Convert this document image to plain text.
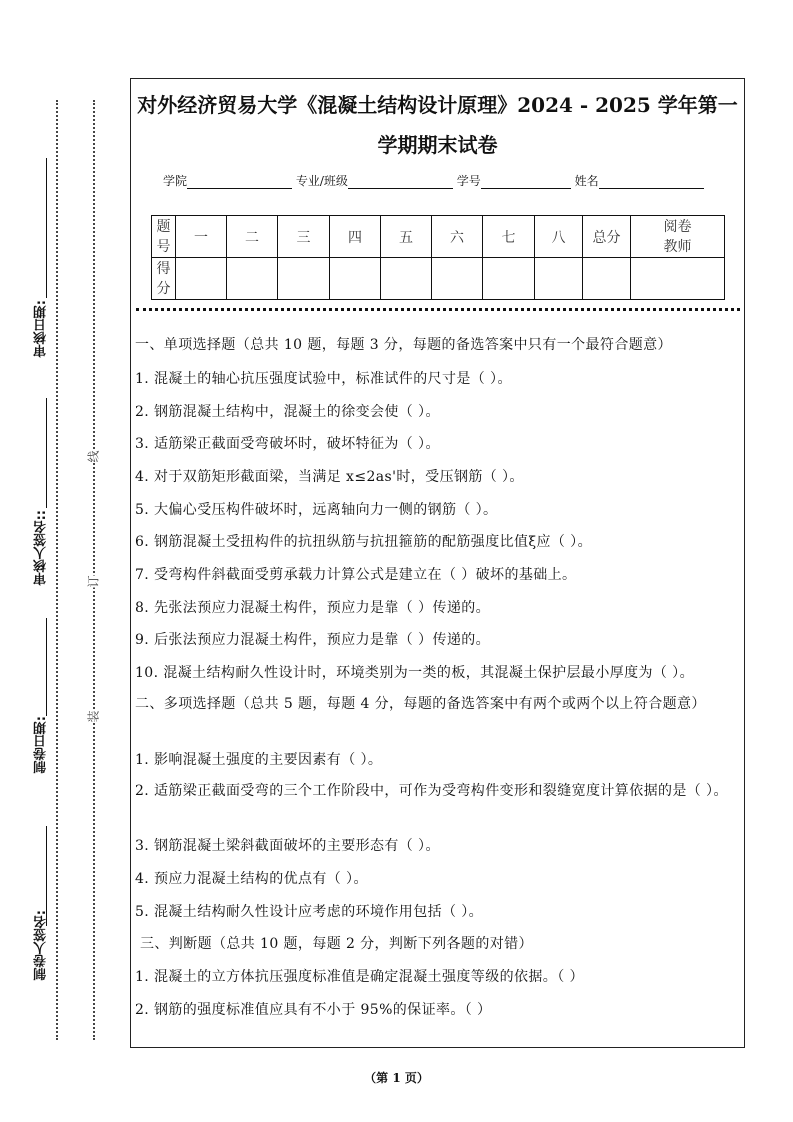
审核日期:
审核人签名::
制卷日期:
制卷人签名:
线
订
装
对外经济贸易大学《混凝土结构设计原理》2024 - 2025 学年第一
学期期末试卷
学院	专业/班级	学号	姓名
题号	一	二	三	四	五	六	七	八	总分	阅卷教师
得分										
一、单项选择题（总共 10 题，每题 3 分，每题的备选答案中只有一个最符合题意）
1. 混凝土的轴心抗压强度试验中，标准试件的尺寸是（ ）。
2. 钢筋混凝土结构中，混凝土的徐变会使（ ）。
3. 适筋梁正截面受弯破坏时，破坏特征为（ ）。
4. 对于双筋矩形截面梁，当满足 x≤2as'时，受压钢筋（ ）。
5. 大偏心受压构件破坏时，远离轴向力一侧的钢筋（ ）。
6. 钢筋混凝土受扭构件的抗扭纵筋与抗扭箍筋的配筋强度比值ξ应（ ）。
7. 受弯构件斜截面受剪承载力计算公式是建立在（ ）破坏的基础上。
8. 先张法预应力混凝土构件，预应力是靠（ ）传递的。
9. 后张法预应力混凝土构件，预应力是靠（ ）传递的。
10. 混凝土结构耐久性设计时，环境类别为一类的板，其混凝土保护层最小厚度为（ ）。
二、多项选择题（总共 5 题，每题 4 分，每题的备选答案中有两个或两个以上符合题意）
1. 影响混凝土强度的主要因素有（ ）。
2. 适筋梁正截面受弯的三个工作阶段中，可作为受弯构件变形和裂缝宽度计算依据的是（ ）。
3. 钢筋混凝土梁斜截面破坏的主要形态有（ ）。
4. 预应力混凝土结构的优点有（ ）。
5. 混凝土结构耐久性设计应考虑的环境作用包括（ ）。
三、判断题（总共 10 题，每题 2 分，判断下列各题的对错）
1. 混凝土的立方体抗压强度标准值是确定混凝土强度等级的依据。（ ）
2. 钢筋的强度标准值应具有不小于 95%的保证率。（ ）
（第 1 页）
